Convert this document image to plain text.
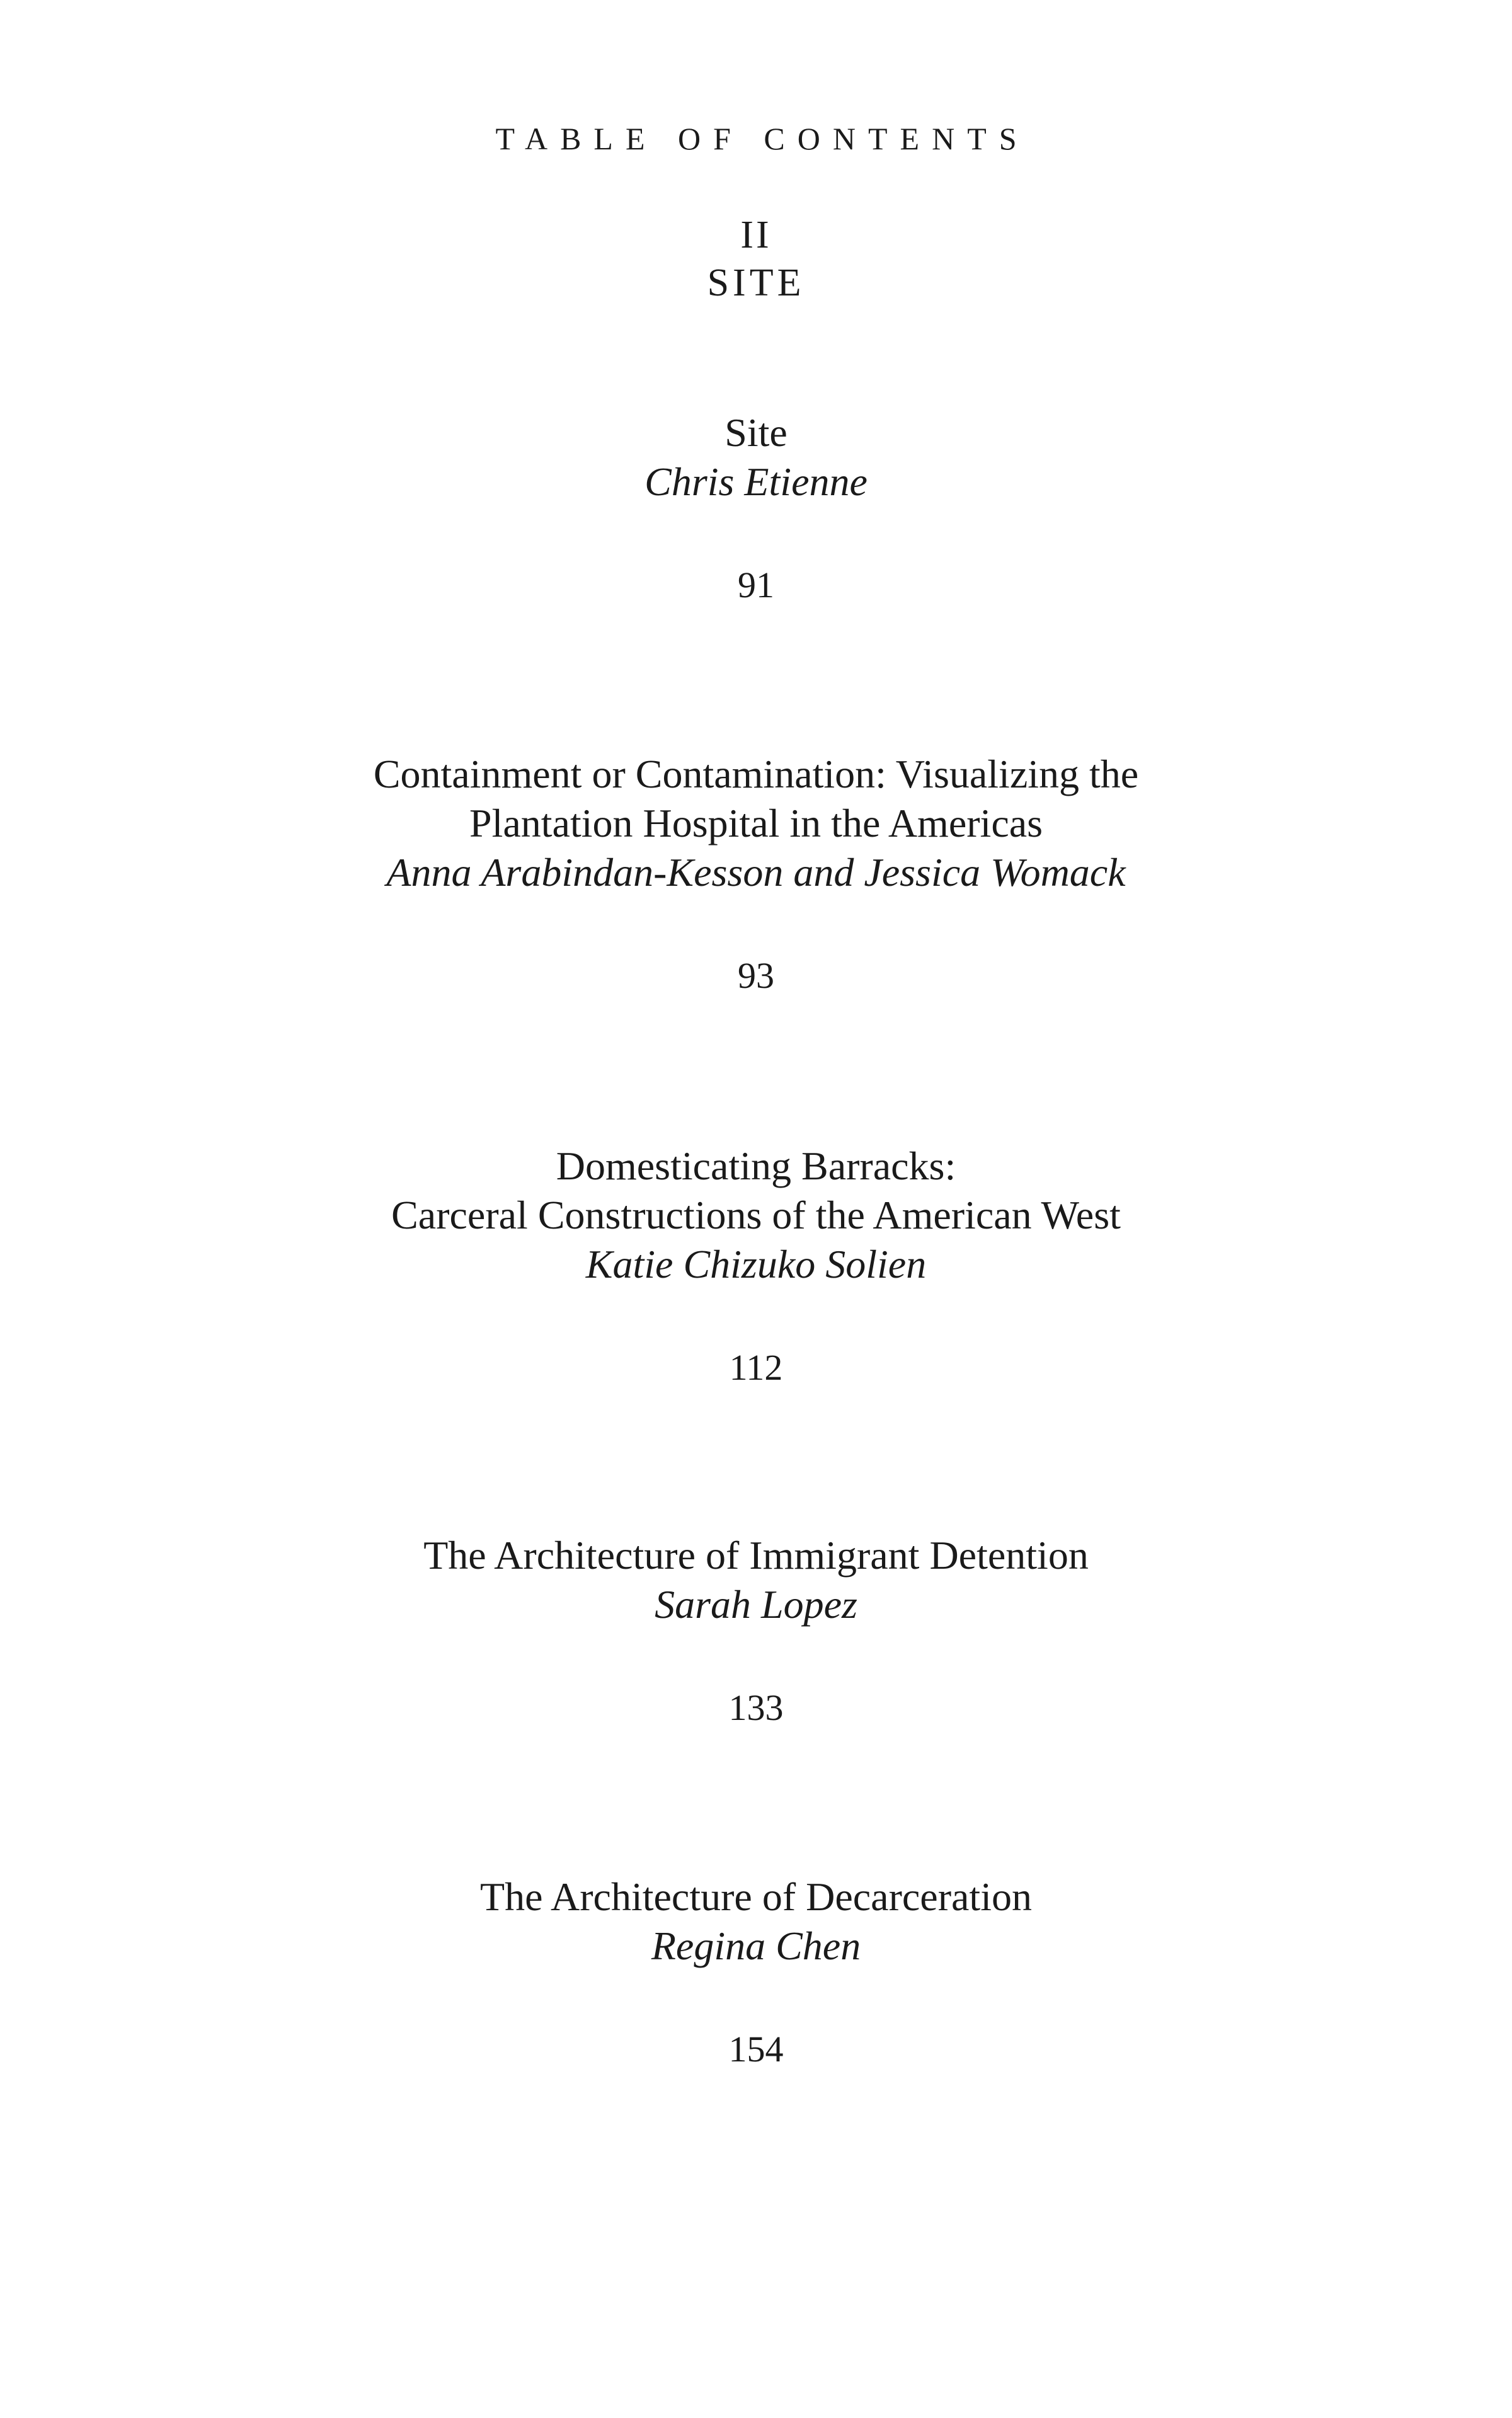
TABLE OF CONTENTS
II
SITE
Site
Chris Etienne
91
Containment or Contamination: Visualizing the
Plantation Hospital in the Americas
Anna Arabindan-Kesson and Jessica Womack
93
Domesticating Barracks:
Carceral Constructions of the American West
Katie Chizuko Solien
112
The Architecture of Immigrant Detention
Sarah Lopez
133
The Architecture of Decarceration
Regina Chen
154
